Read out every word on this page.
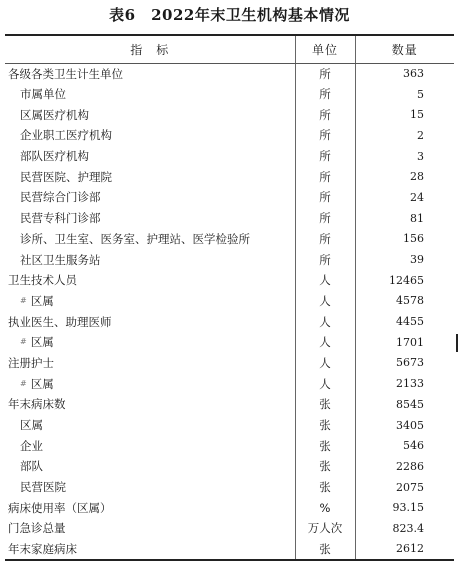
表6　2022年末卫生机构基本情况
指　标	单位	数量
各级各类卫生计生单位	所	363
市属单位	所	5
区属医疗机构	所	15
企业职工医疗机构	所	2
部队医疗机构	所	3
民营医院、护理院	所	28
民营综合门诊部	所	24
民营专科门诊部	所	81
诊所、卫生室、医务室、护理站、医学检验所	所	156
社区卫生服务站	所	39
卫生技术人员	人	12465
# 区属	人	4578
执业医生、助理医师	人	4455
# 区属	人	1701
注册护士	人	5673
# 区属	人	2133
年末病床数	张	8545
区属	张	3405
企业	张	546
部队	张	2286
民营医院	张	2075
病床使用率（区属）	%	93.15
门急诊总量	万人次	823.4
年末家庭病床	张	2612
